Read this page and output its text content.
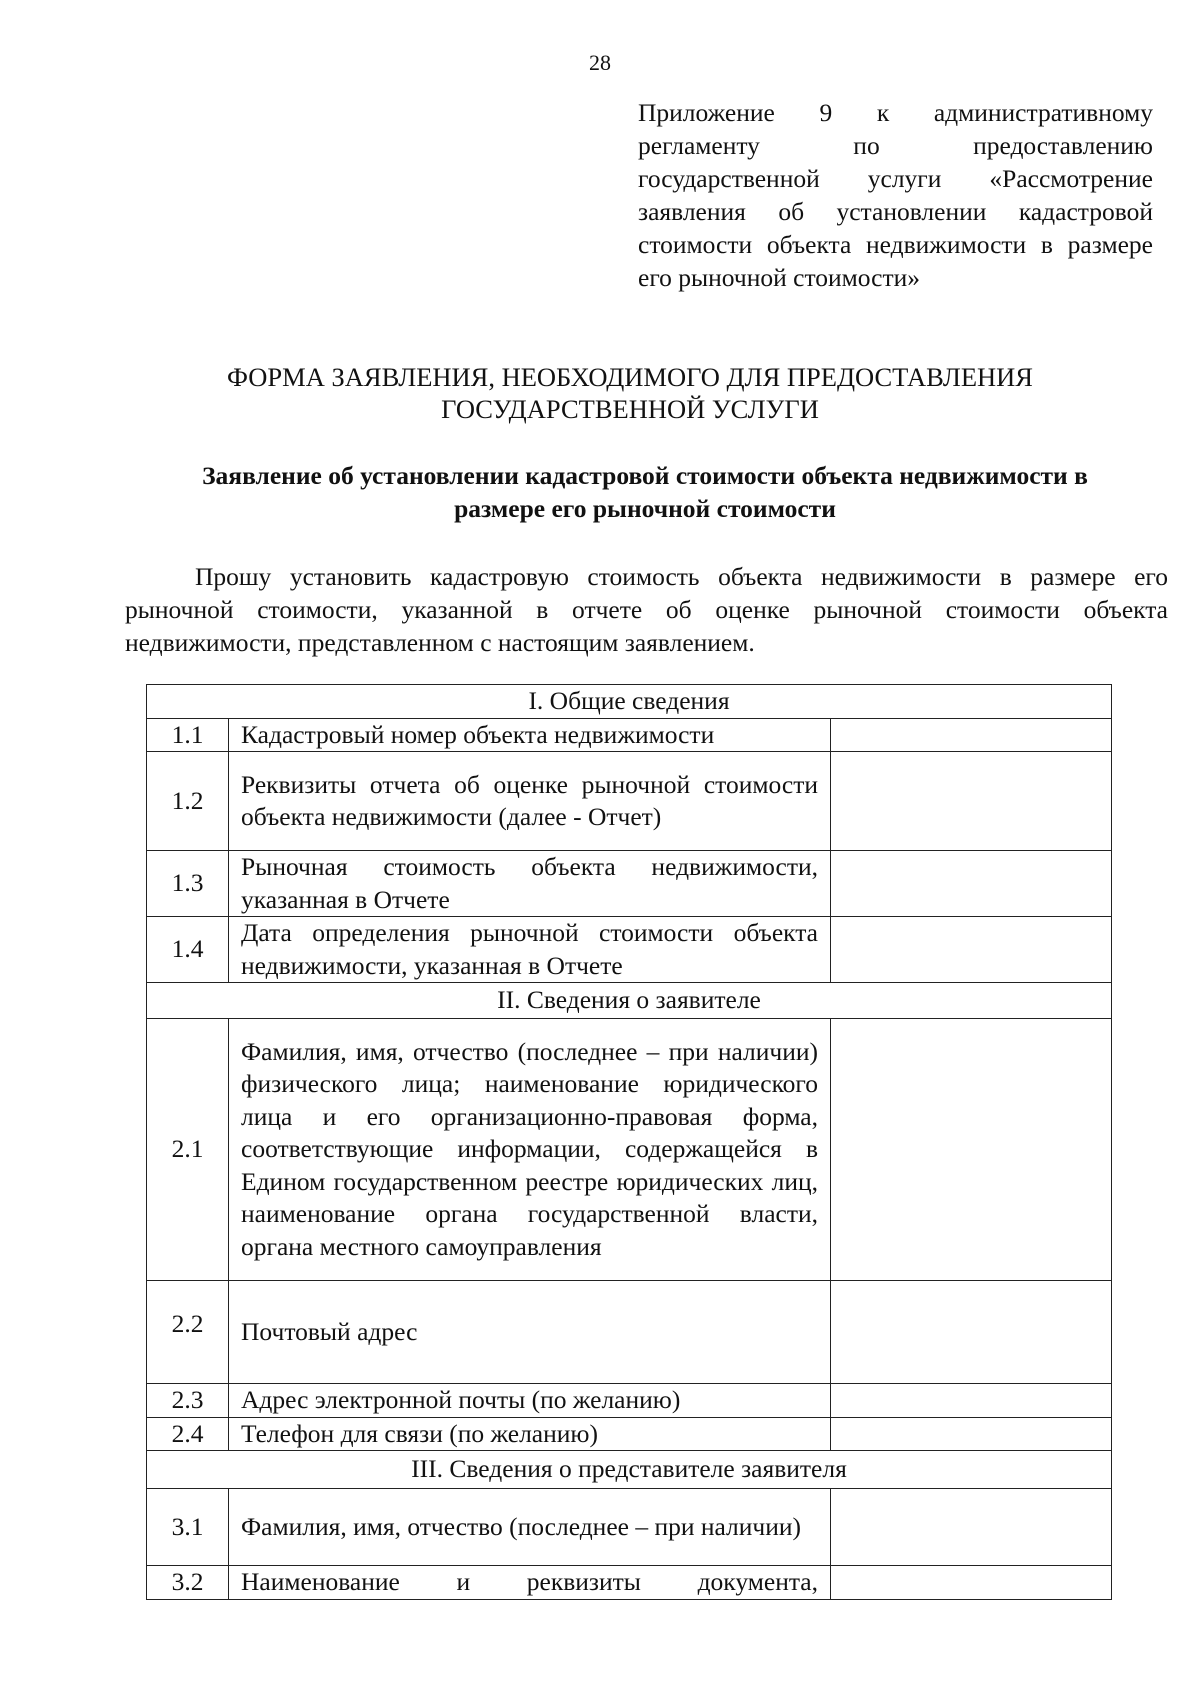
28
Приложение 9 к административному регламенту по предоставлению государственной услуги «Рассмотрение заявления об установлении кадастровой стоимости объекта недвижимости в размере его рыночной стоимости»
ФОРМА ЗАЯВЛЕНИЯ, НЕОБХОДИМОГО ДЛЯ ПРЕДОСТАВЛЕНИЯ
ГОСУДАРСТВЕННОЙ УСЛУГИ
Заявление об установлении кадастровой стоимости объекта недвижимости в
размере его рыночной стоимости
Прошу установить кадастровую стоимость объекта недвижимости в размере его рыночной стоимости, указанной в отчете об оценке рыночной стоимости объекта недвижимости, представленном с настоящим заявлением.
I. Общие сведения		
1.1	Кадастровый номер объекта недвижимости	
1.2	Реквизиты отчета об оценке рыночной стоимости объекта недвижимости (далее - Отчет)	
1.3	Рыночная стоимость объекта недвижимости, указанная в Отчете	
1.4	Дата определения рыночной стоимости объекта недвижимости, указанная в Отчете	
II. Сведения о заявителе		
2.1	Фамилия, имя, отчество (последнее – при наличии) физического лица; наименование юридического лица и его организационно-правовая форма, соответствующие информации, содержащейся в Едином государственном реестре юридических лиц, наименование органа государственной власти, органа местного самоуправления	
2.2	Почтовый адрес	
2.3	Адрес электронной почты (по желанию)	
2.4	Телефон для связи (по желанию)	
III. Сведения о представителе заявителя		
3.1	Фамилия, имя, отчество (последнее – при наличии)	
3.2	Наименование и реквизиты документа,	
